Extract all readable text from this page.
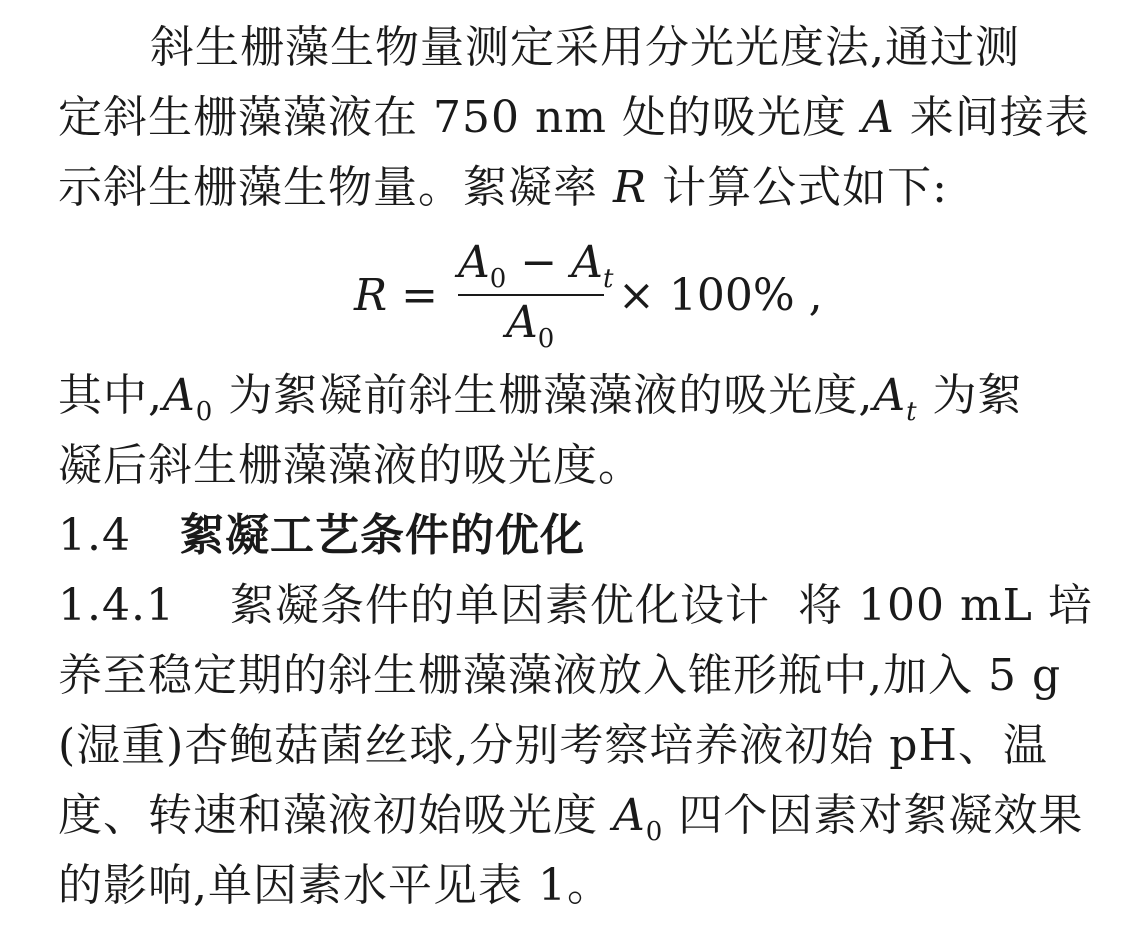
斜生栅藻生物量测定采用分光光度法,通过测
定斜生栅藻藻液在 750 nm 处的吸光度 A 来间接表
示斜生栅藻生物量。絮凝率 R 计算公式如下:
R =
$A_0 - A_t$
$A_0$
× 100% ,
其中$,A_0$ 为絮凝前斜生栅藻藻液的吸光度$,A_t$ 为絮
凝后斜生栅藻藻液的吸光度。
1.4 絮凝工艺条件的优化
1.4.1 絮凝条件的单因素优化设计 将 100 mL 培
养至稳定期的斜生栅藻藻液放入锥形瓶中,加入 5 g
(湿重)杏鲍菇菌丝球,分别考察培养液初始 pH、温
度、转速和藻液初始吸光度 $A_0$ 四个因素对絮凝效果
的影响,单因素水平见表 1。
